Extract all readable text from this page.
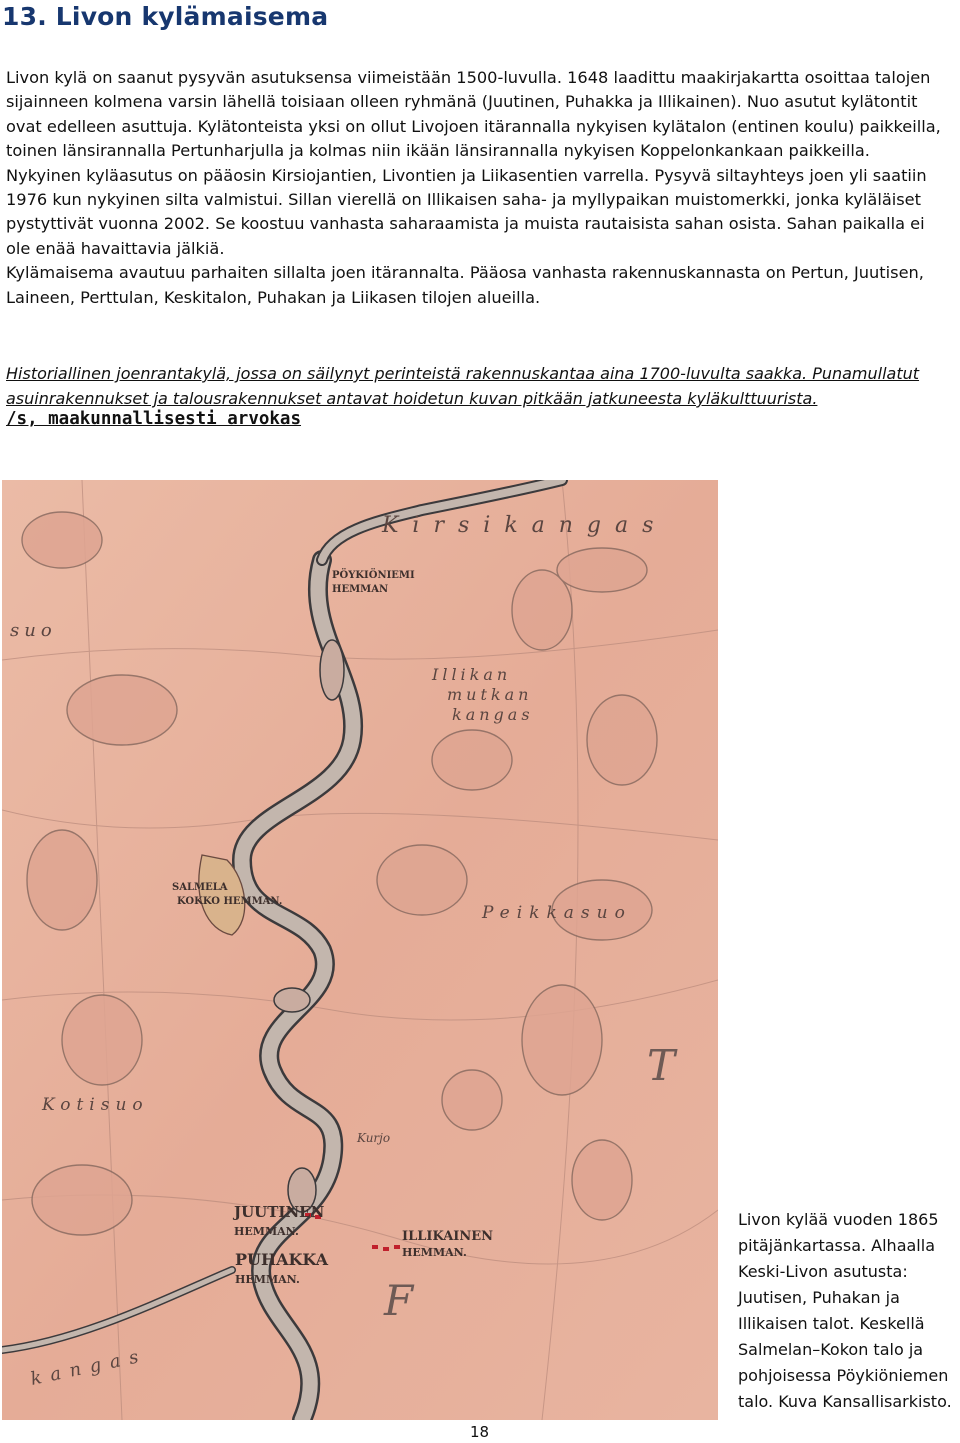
13. Livon kylämaisema

Livon kylä on saanut pysyvän asutuksensa viimeistään 1500-luvulla. 1648 laadittu maakirjakartta osoittaa talojen sijainneen kolmena varsin lähellä toisiaan olleen ryhmänä (Juutinen, Puhakka ja Illikainen). Nuo asutut kylätontit ovat edelleen asuttuja. Kylätonteista yksi on ollut Livojoen itärannalla nykyisen kylätalon (entinen koulu) paikkeilla, toinen länsirannalla Pertunharjulla ja kolmas niin ikään länsirannalla nykyisen Koppelonkankaan paikkeilla.

Nykyinen kyläasutus on pääosin Kirsiojantien, Livontien ja Liikasentien varrella. Pysyvä siltayhteys joen yli saatiin 1976 kun nykyinen silta valmistui. Sillan vierellä on Illikaisen saha- ja myllypaikan muistomerkki, jonka kyläläiset pystyttivät vuonna 2002. Se koostuu vanhasta saharaamista ja muista rautaisista sahan osista. Sahan paikalla ei ole enää havaittavia jälkiä.

Kylämaisema avautuu parhaiten sillalta joen itärannalta. Pääosa vanhasta rakennuskannasta on Pertun, Juutisen, Laineen, Perttulan, Keskitalon, Puhakan ja Liikasen tilojen alueilla.

Historiallinen joenrantakylä, jossa on säilynyt perinteistä rakennuskantaa aina 1700-luvulta saakka. Punamullatut asuinrakennukset ja talousrakennukset antavat hoidetun kuvan pitkään jatkuneesta kyläkulttuurista.

/s, maakunnallisesti arvokas
Kirsikangas
suo
Illikan
mutkan
kangas
Peikkasuo
Kotisuo
Kurjo
kangas
PÖYKIÖNIEMI
HEMMAN
SALMELA
KOKKO HEMMAN.
JUUTINEN
HEMMAN.	ILLIKAINEN
HEMMAN.
PUHAKKA
HEMMAN. F
T

Livon kylää vuoden 1865 pitäjänkartassa. Alhaalla Keski-Livon asutusta: Juutisen, Puhakan ja Illikaisen talot. Keskellä Salmelan–Kokon talo ja pohjoisessa Pöykiöniemen talo. Kuva Kansallisarkisto.

18
